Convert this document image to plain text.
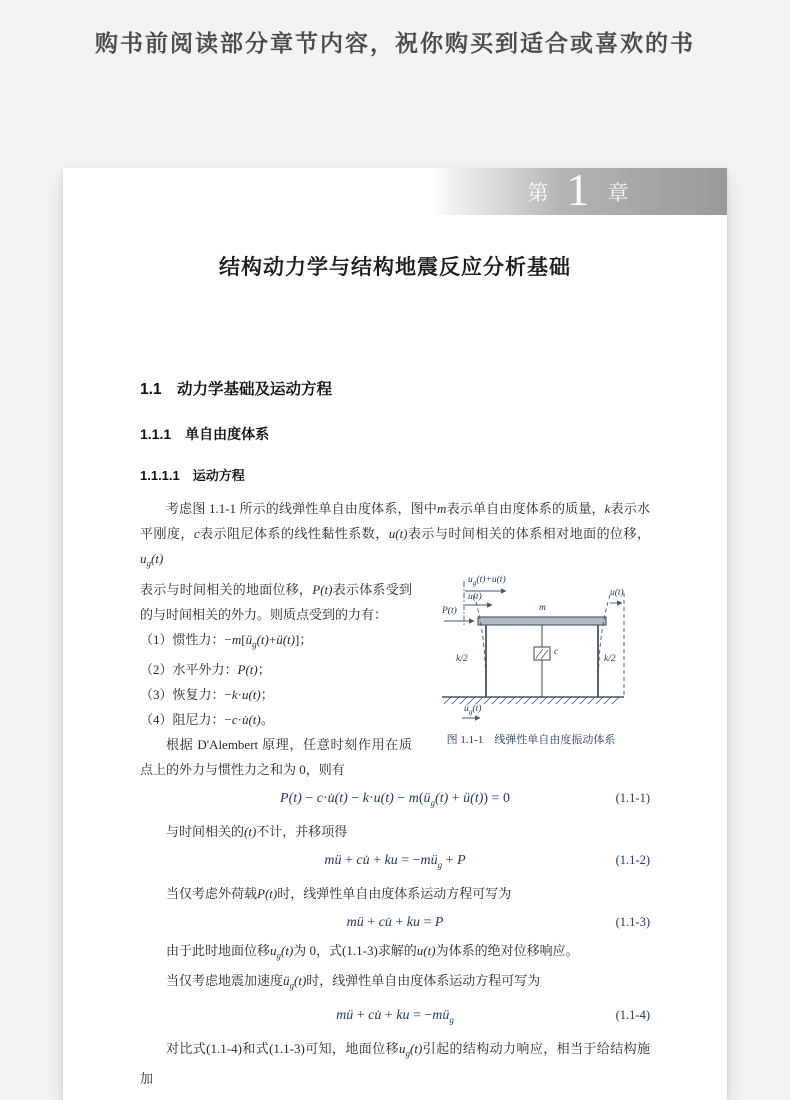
购书前阅读部分章节内容，祝你购买到适合或喜欢的书
第 1 章
结构动力学与结构地震反应分析基础
1.1　动力学基础及运动方程
1.1.1　单自由度体系
1.1.1.1　运动方程

考虑图 1.1-1 所示的线弹性单自由度体系，图中m表示单自由度体系的质量，k表示水平刚度，c表示阻尼体系的线性黏性系数，u(t)表示与时间相关的体系相对地面的位移，$u_g(t)$

表示与时间相关的地面位移，P(t)表示体系受到的与时间相关的外力。则质点受到的力有：

（1）惯性力：$-m[ü_g(t)+ü(t)]$；
（2）水平外力：P(t)；
（3）恢复力：−k·u(t)；
（4）阻尼力：−c·u̇(t)。

根据 D'Alembert 原理，任意时刻作用在质点上的外力与惯性力之和为 0，则有

$u_g(t)+u(t)$
u(t)
P(t)	m
u(t)
k/2	k/2
c
$ü_g(t)$
图 1.1-1　线弹性单自由度振动体系
P(t) − c·u̇(t) − $k\cdot u(t) - m(ü_g(t)$ + ü(t)) = 0	(1.1-1)

与时间相关的(t)不计，并移项得

mü + cu̇ + ku = $-mü_g + P$	(1.1-2)

当仅考虑外荷载P(t)时，线弹性单自由度体系运动方程可写为

mü + cu̇ + ku = P	(1.1-3)

由于此时地面位移$u_g(t)$为 0，式(1.1-3)求解的u(t)为体系的绝对位移响应。

当仅考虑地震加速度$ü_g(t)$时，线弹性单自由度体系运动方程可写为

mü + cu̇ + ku = $-mü_g$	(1.1-4)

对比式(1.1-4)和式(1.1-3)可知，地面位移$u_g(t)$引起的结构动力响应，相当于给结构施加
